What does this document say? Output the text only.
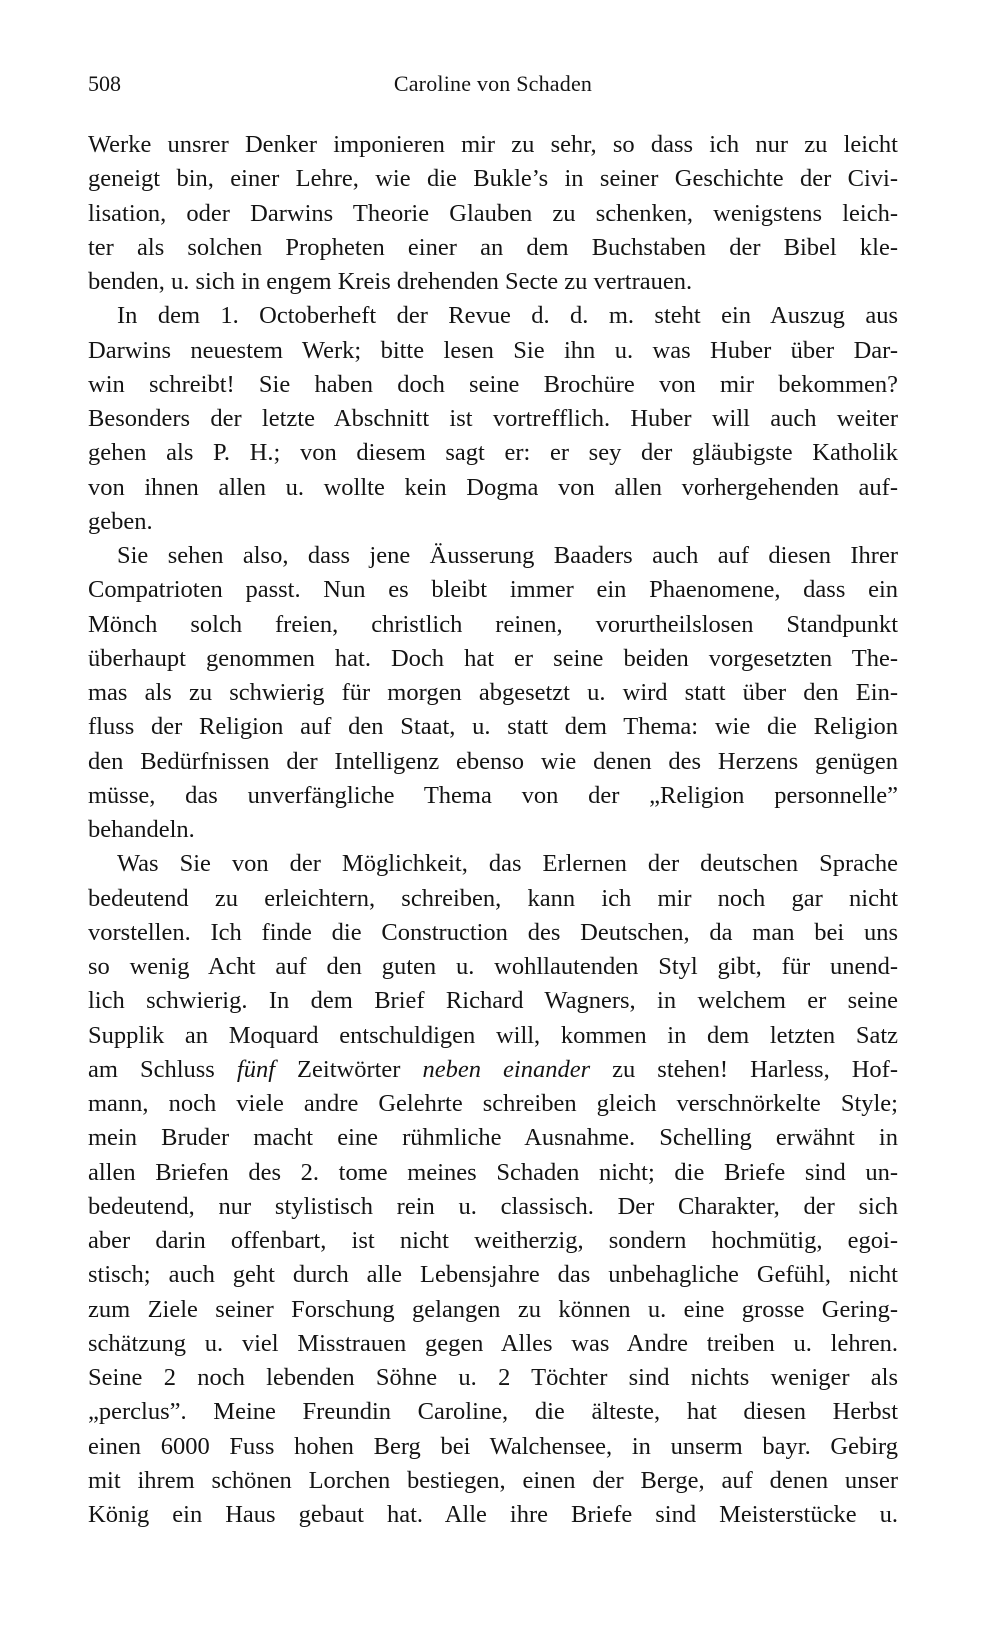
508	Caroline von Schaden
Werke unsrer Denker imponieren mir zu sehr, so dass ich nur zu leicht
geneigt bin, einer Lehre, wie die Bukle’s in seiner Geschichte der Civi-
lisation, oder Darwins Theorie Glauben zu schenken, wenigstens leich-
ter als solchen Propheten einer an dem Buchstaben der Bibel kle-
benden, u. sich in engem Kreis drehenden Secte zu vertrauen.
In dem 1. Octoberheft der Revue d. d. m. steht ein Auszug aus
Darwins neuestem Werk; bitte lesen Sie ihn u. was Huber über Dar-
win schreibt! Sie haben doch seine Brochüre von mir bekommen?
Besonders der letzte Abschnitt ist vortrefflich. Huber will auch weiter
gehen als P. H.; von diesem sagt er: er sey der gläubigste Katholik
von ihnen allen u. wollte kein Dogma von allen vorhergehenden auf-
geben.
Sie sehen also, dass jene Äusserung Baaders auch auf diesen Ihrer
Compatrioten passt. Nun es bleibt immer ein Phaenomene, dass ein
Mönch solch freien, christlich reinen, vorurtheilslosen Standpunkt
überhaupt genommen hat. Doch hat er seine beiden vorgesetzten The-
mas als zu schwierig für morgen abgesetzt u. wird statt über den Ein-
fluss der Religion auf den Staat, u. statt dem Thema: wie die Religion
den Bedürfnissen der Intelligenz ebenso wie denen des Herzens genügen
müsse, das unverfängliche Thema von der „Religion personnelle”
behandeln.
Was Sie von der Möglichkeit, das Erlernen der deutschen Sprache
bedeutend zu erleichtern, schreiben, kann ich mir noch gar nicht
vorstellen. Ich finde die Construction des Deutschen, da man bei uns
so wenig Acht auf den guten u. wohllautenden Styl gibt, für unend-
lich schwierig. In dem Brief Richard Wagners, in welchem er seine
Supplik an Moquard entschuldigen will, kommen in dem letzten Satz
am Schluss fünf Zeitwörter neben einander zu stehen! Harless, Hof-
mann, noch viele andre Gelehrte schreiben gleich verschnörkelte Style;
mein Bruder macht eine rühmliche Ausnahme. Schelling erwähnt in
allen Briefen des 2. tome meines Schaden nicht; die Briefe sind un-
bedeutend, nur stylistisch rein u. classisch. Der Charakter, der sich
aber darin offenbart, ist nicht weitherzig, sondern hochmütig, egoi-
stisch; auch geht durch alle Lebensjahre das unbehagliche Gefühl, nicht
zum Ziele seiner Forschung gelangen zu können u. eine grosse Gering-
schätzung u. viel Misstrauen gegen Alles was Andre treiben u. lehren.
Seine 2 noch lebenden Söhne u. 2 Töchter sind nichts weniger als
„perclus”. Meine Freundin Caroline, die älteste, hat diesen Herbst
einen 6000 Fuss hohen Berg bei Walchensee, in unserm bayr. Gebirg
mit ihrem schönen Lorchen bestiegen, einen der Berge, auf denen unser
König ein Haus gebaut hat. Alle ihre Briefe sind Meisterstücke u.
